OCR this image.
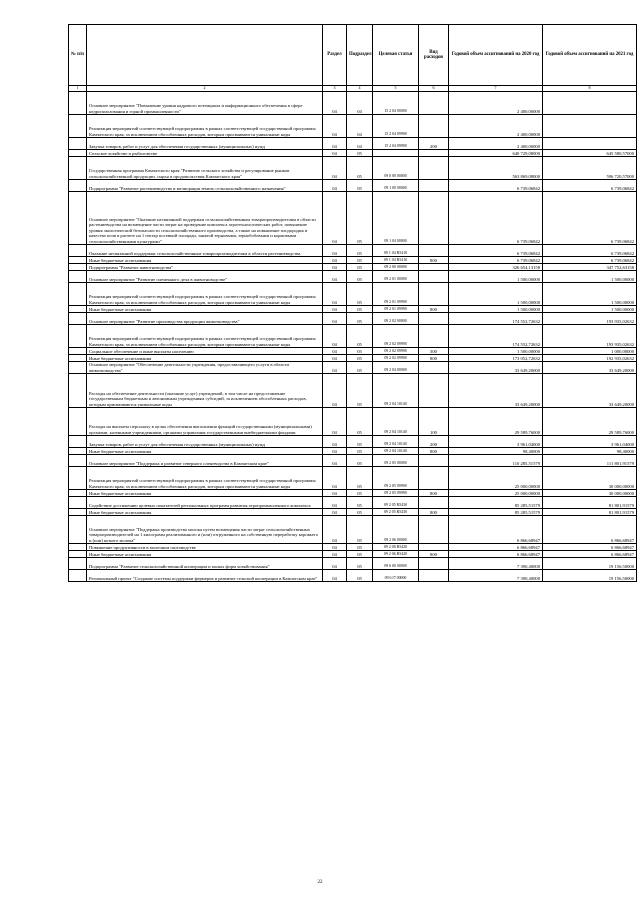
№ п/п		Раздел	Подраздел	Целевая статья	Вид расходов	Годовой объем ассигнований на 2020 год	Годовой объем ассигнований на 2021 год
1	2	3	4	5	6	7	8
	Основное мероприятие "Повышение уровня кадрового потенциала и информационного обеспечения в сфере недропользования и горной промышленности"	04	04	15 2 04 00000		2 400,00000	
	Реализация мероприятий соответствующей подпрограммы в рамках соответствующей государственной программы Камчатского края, за исключением обособленных расходов, которым присваиваются уникальные коды	04	04	15 2 04 09990		2 400,00000	
	Закупка товаров, работ и услуг для обеспечения государственных (муниципальных) нужд	04	04	15 2 04 09990	200	2 400,00000	
	Сельское хозяйство и рыболовство	04	05			640 729,08000	645 580,57000
	Государственная программа Камчатского края "Развитие сельского хозяйства и регулирование рынков сельскохозяйственной продукции, сырья и продовольствия Камчатского края"	04	05	09 0 00 00000		563 869,08000	596 720,57000
	Подпрограмма "Развитие растениеводства и мелиорация земель сельскохозяйственного назначения"	04	05	09 1 00 00000		6 739,06842	6 739,06842
	Основное мероприятие "Оказание несвязанной поддержки сельскохозяйственным товаропроизводителям в области растениеводства на возмещение части затрат на проведение комплекса агротехнологических работ, повышение уровня экологической безопасности сельскохозяйственного производства, а также на повышение плодородия и качества почв в расчете на 1 гектар посевной площади, занятой зерновыми, зернобобовыми и кормовыми сельскохозяйственными культурами"	04	05	09 1 04 00000		6 739,06842	6 739,06842
	Оказание несвязанной поддержки сельскохозяйственным товаропроизводителям в области растениеводства	04	05	09 1 04 R5410		6 739,06842	6 739,06842
	Иные бюджетные ассигнования	04	05	09 1 04 R5410	800	6 739,06842	6 739,06842
	Подпрограмма "Развитие животноводства"	04	05	09 2 00 00000		326 654,13158	347 752,63158
	Основное мероприятие "Развитие племенного дела в животноводстве"	04	05	09 2 01 00000		1 500,00000	1 500,00000
	Реализация мероприятий соответствующей подпрограммы в рамках соответствующей государственной программы Камчатского края, за исключением обособленных расходов, которым присваиваются уникальные коды	04	05	09 2 01 09990		1 500,00000	1 500,00000
	Иные бюджетные ассигнования	04	05	09 2 01 09990	800	1 500,00000	1 500,00000
	Основное мероприятие "Развитие производства продукции животноводства"	04	05	09 2 02 00000		174 552,72632	193 935,02632
	Реализация мероприятий соответствующей подпрограммы в рамках соответствующей государственной программы Камчатского края, за исключением обособленных расходов, которым присваиваются уникальные коды	04	05	09 2 02 09990		174 552,72632	193 935,02632
	Социальное обеспечение и иные выплаты населению	04	05	09 2 02 09990	300	1 500,00000	1 000,00000
	Иные бюджетные ассигнования	04	05	09 2 02 09990	800	173 052,72632	192 935,02632
	Основное мероприятие "Обеспечение деятельности учреждения, предоставляющего услуги в области животноводства"	04	05	09 2 04 00000		33 649,20000	33 649,20000
	Расходы на обеспечение деятельности (оказание услуг) учреждений, в том числе на предоставление государственным бюджетным и автономным учреждениям субсидий, за исключением обособленных расходов, которым присваиваются уникальные коды	04	05	09 2 04 10140		33 649,20000	33 649,20000
	Расходы на выплаты персоналу в целях обеспечения выполнения функций государственными (муниципальными) органами, казенными учреждениями, органами управления государственными внебюджетными фондами	04	05	09 2 04 10140	100	29 589,76000	29 589,76000
	Закупка товаров, работ и услуг для обеспечения государственных (муниципальных) нужд	04	05	09 2 04 10140	200	3 961,04000	3 961,04000
	Иные бюджетные ассигнования	04	05	09 2 04 10140	800	98,40000	98,40000
	Основное мероприятие "Поддержка и развитие северного оленеводства в Камчатском крае"	04	05	09 2 05 00000		110 285,51579	111 801,91579
	Реализация мероприятий соответствующей подпрограммы в рамках соответствующей государственной программы Камчатского края, за исключением обособленных расходов, которым присваиваются уникальные коды	04	05	09 2 05 09990		25 000,00000	30 000,00000
	Иные бюджетные ассигнования	04	05	09 2 05 09990	800	25 000,00000	30 000,00000
	Содействие достижению целевых показателей региональных программ развития агропромышленного комплекса	04	05	09 2 05 R5430		85 285,51579	81 801,91579
	Иные бюджетные ассигнования	04	05	09 2 05 R5430	800	85 285,51579	81 801,91579
	Основное мероприятие "Поддержка производства молока путем возмещения части затрат сельскохозяйственных товаропроизводителей на 1 килограмм реализованного и (или) отгруженного на собственную переработку коровьего и (или) козьего молока"	04	05	09 2 06 00000		6 866,68947	6 866,68947
	Повышение продуктивности в молочном скотоводстве	04	05	09 2 06 R5420		6 866,68947	6 866,68947
	Иные бюджетные ассигнования	04	05	09 2 06 R5420	800	6 866,68947	6 866,68947
	Подпрограмма "Развитие сельскохозяйственной кооперации и малых форм хозяйствования"	04	05	09 6 00 00000		7 390,40000	19 156,50000
	Региональный проект "Создание системы поддержки фермеров и развитие сельской кооперации в Камчатском крае"	04	05	09 6 I7 00000		7 390,40000	19 156,50000
22
